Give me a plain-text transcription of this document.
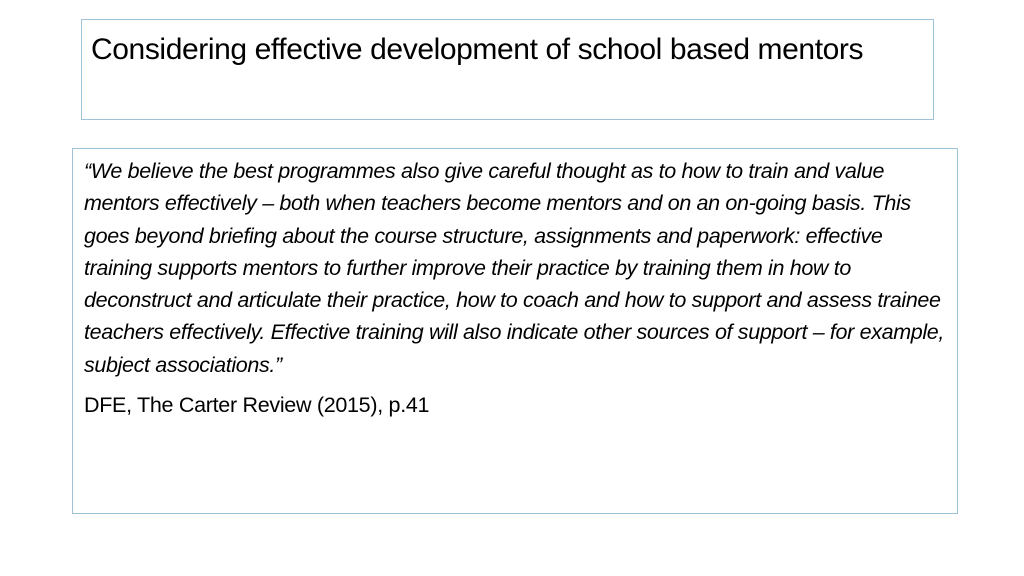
Considering effective development of school based mentors

“We believe the best programmes also give careful thought as to how to train and value mentors effectively – both when teachers become mentors and on an on-going basis. This goes beyond briefing about the course structure, assignments and paperwork: effective training supports mentors to further improve their practice by training them in how to deconstruct and articulate their practice, how to coach and how to support and assess trainee teachers effectively. Effective training will also indicate other sources of support – for example, subject associations.”

DFE, The Carter Review (2015), p.41
